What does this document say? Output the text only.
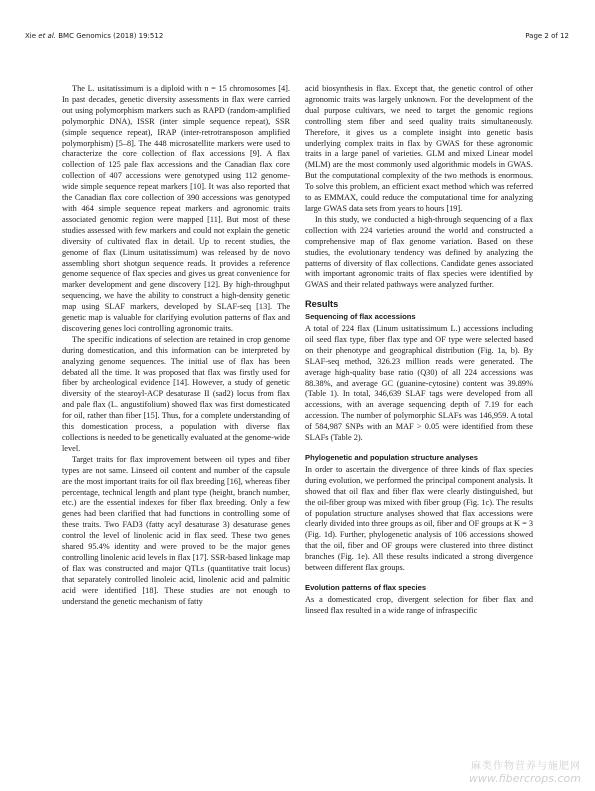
Xie et al. BMC Genomics (2018) 19:512	Page 2 of 12

The L. usitatissimum is a diploid with n = 15 chromosomes [4]. In past decades, genetic diversity assessments in flax were carried out using polymorphism markers such as RAPD (random-amplified polymorphic DNA), ISSR (inter simple sequence repeat), SSR (simple sequence repeat), IRAP (inter-retrotransposon amplified polymorphism) [5–8]. The 448 microsatellite markers were used to characterize the core collection of flax accessions [9]. A flax collection of 125 pale flax accessions and the Canadian flax core collection of 407 accessions were genotyped using 112 genome-wide simple sequence repeat markers [10]. It was also reported that the Canadian flax core collection of 390 accessions was genotyped with 464 simple sequence repeat markers and agronomic traits associated genomic region were mapped [11]. But most of these studies assessed with few markers and could not explain the genetic diversity of cultivated flax in detail. Up to recent studies, the genome of flax (Linum usitatissimum) was released by de novo assembling short shotgun sequence reads. It provides a reference genome sequence of flax species and gives us great convenience for marker development and gene discovery [12]. By high-throughput sequencing, we have the ability to construct a high-density genetic map using SLAF markers, developed by SLAF-seq [13]. The genetic map is valuable for clarifying evolution patterns of flax and discovering genes loci controlling agronomic traits.

The specific indications of selection are retained in crop genome during domestication, and this information can be interpreted by analyzing genome sequences. The initial use of flax has been debated all the time. It was proposed that flax was firstly used for fiber by archeological evidence [14]. However, a study of genetic diversity of the stearoyl-ACP desaturase II (sad2) locus from flax and pale flax (L. angustifolium) showed flax was first domesticated for oil, rather than fiber [15]. Thus, for a complete understanding of this domestication process, a population with diverse flax collections is needed to be genetically evaluated at the genome-wide level.

Target traits for flax improvement between oil types and fiber types are not same. Linseed oil content and number of the capsule are the most important traits for oil flax breeding [16], whereas fiber percentage, technical length and plant type (height, branch number, etc.) are the essential indexes for fiber flax breeding. Only a few genes had been clarified that had functions in controlling some of these traits. Two FAD3 (fatty acyl desaturase 3) desaturase genes control the level of linolenic acid in flax seed. These two genes shared 95.4% identity and were proved to be the major genes controlling linolenic acid levels in flax [17]. SSR-based linkage map of flax was constructed and major QTLs (quantitative trait locus) that separately controlled linoleic acid, linolenic acid and palmitic acid were identified [18]. These studies are not enough to understand the genetic mechanism of fatty

acid biosynthesis in flax. Except that, the genetic control of other agronomic traits was largely unknown. For the development of the dual purpose cultivars, we need to target the genomic regions controlling stem fiber and seed quality traits simultaneously. Therefore, it gives us a complete insight into genetic basis underlying complex traits in flax by GWAS for these agronomic traits in a large panel of varieties. GLM and mixed Linear model (MLM) are the most commonly used algorithmic models in GWAS. But the computational complexity of the two methods is enormous. To solve this problem, an efficient exact method which was referred to as EMMAX, could reduce the computational time for analyzing large GWAS data sets from years to hours [19].

In this study, we conducted a high-through sequencing of a flax collection with 224 varieties around the world and constructed a comprehensive map of flax genome variation. Based on these studies, the evolutionary tendency was defined by analyzing the patterns of diversity of flax collections. Candidate genes associated with important agronomic traits of flax species were identified by GWAS and their related pathways were analyzed further.

Results
Sequencing of flax accessions

A total of 224 flax (Linum usitatissimum L.) accessions including oil seed flax type, fiber flax type and OF type were selected based on their phenotype and geographical distribution (Fig. 1a, b). By SLAF-seq method, 326.23 million reads were generated. The average high-quality base ratio (Q30) of all 224 accessions was 88.38%, and average GC (guanine-cytosine) content was 39.89% (Table 1). In total, 346,639 SLAF tags were developed from all accessions, with an average sequencing depth of 7.19 for each accession. The number of polymorphic SLAFs was 146,959. A total of 584,987 SNPs with an MAF > 0.05 were identified from these SLAFs (Table 2).

Phylogenetic and population structure analyses

In order to ascertain the divergence of three kinds of flax species during evolution, we performed the principal component analysis. It showed that oil flax and fiber flax were clearly distinguished, but the oil-fiber group was mixed with fiber group (Fig. 1c). The results of population structure analyses showed that flax accessions were clearly divided into three groups as oil, fiber and OF groups at K = 3 (Fig. 1d). Further, phylogenetic analysis of 106 accessions showed that the oil, fiber and OF groups were clustered into three distinct branches (Fig. 1e). All these results indicated a strong divergence between different flax groups.

Evolution patterns of flax species

As a domesticated crop, divergent selection for fiber flax and linseed flax resulted in a wide range of infraspecific

麻类作物营养与施肥网
www.fibercrops.com
